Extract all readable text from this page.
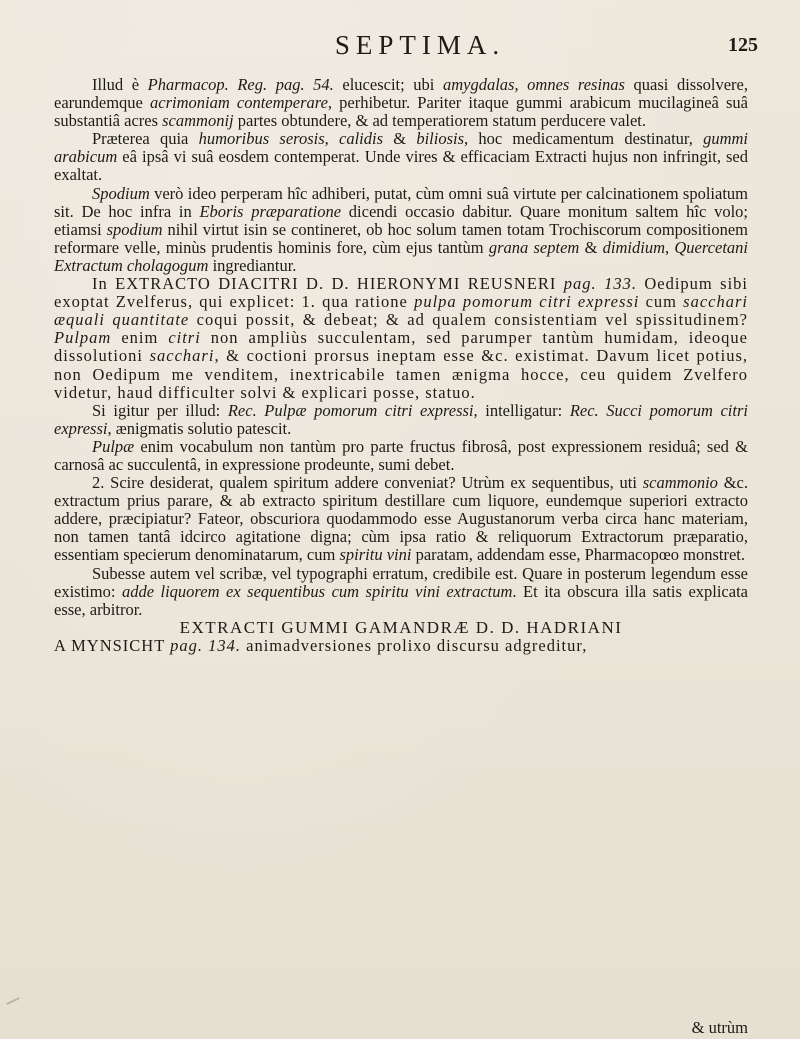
SEPTIMA.	125

Illud è Pharmacop. Reg. pag. 54. elucescit; ubi amygdalas, omnes resinas quasi dissolvere, earundemque acrimoniam contemperare, perhibetur. Pariter itaque gummi arabicum mucilagineâ suâ substantiâ acres scammonij partes obtundere, & ad temperatiorem statum perducere valet.

Præterea quia humoribus serosis, calidis & biliosis, hoc medicamentum destinatur, gummi arabicum eâ ipsâ vi suâ eosdem contemperat. Unde vires & efficaciam Extracti hujus non infringit, sed exaltat.

Spodium verò ideo perperam hîc adhiberi, putat, cùm omni suâ virtute per calcinationem spoliatum sit. De hoc infra in Eboris præparatione dicendi occasio dabitur. Quare monitum saltem hîc volo; etiamsi spodium nihil virtut isin se contineret, ob hoc solum tamen totam Trochiscorum compositionem reformare velle, minùs prudentis hominis fore, cùm ejus tantùm grana septem & dimidium, Quercetani Extractum cholagogum ingrediantur.

In EXTRACTO DIACITRI D. D. HIERONYMI REUSNERI pag. 133. Oedipum sibi exoptat Zvelferus, qui explicet: 1. qua ratione pulpa pomorum citri expressi cum sacchari æquali quantitate coqui possit, & debeat; & ad qualem consistentiam vel spissitudinem? Pulpam enim citri non ampliùs succulentam, sed parumper tantùm humidam, ideoque dissolutioni sacchari, & coctioni prorsus ineptam esse &c. existimat. Davum licet potius, non Oedipum me venditem, inextricabile tamen ænigma hocce, ceu quidem Zvelfero videtur, haud difficulter solvi & explicari posse, statuo.

Si igitur per illud: Rec. Pulpæ pomorum citri expressi, intelligatur: Rec. Succi pomorum citri expressi, ænigmatis solutio patescit.

Pulpæ enim vocabulum non tantùm pro parte fructus fibrosâ, post expressionem residuâ; sed & carnosâ ac succulentâ, in expressione prodeunte, sumi debet.

2. Scire desiderat, qualem spiritum addere conveniat? Utrùm ex sequentibus, uti scammonio &c. extractum prius parare, & ab extracto spiritum destillare cum liquore, eundemque superiori extracto addere, præcipiatur? Fateor, obscuriora quodammodo esse Augustanorum verba circa hanc materiam, non tamen tantâ idcirco agitatione digna; cùm ipsa ratio & reliquorum Extractorum præparatio, essentiam specierum denominatarum, cum spiritu vini paratam, addendam esse, Pharmacopœo monstret.

Subesse autem vel scribæ, vel typographi erratum, credibile est. Quare in posterum legendum esse existimo: adde liquorem ex sequentibus cum spiritu vini extractum. Et ita obscura illa satis explicata esse, arbitror.

EXTRACTI GUMMI GAMANDRÆ D. D. HADRIANI

A MYNSICHT pag. 134. animadversiones prolixo discursu adgreditur,

& utrùm
